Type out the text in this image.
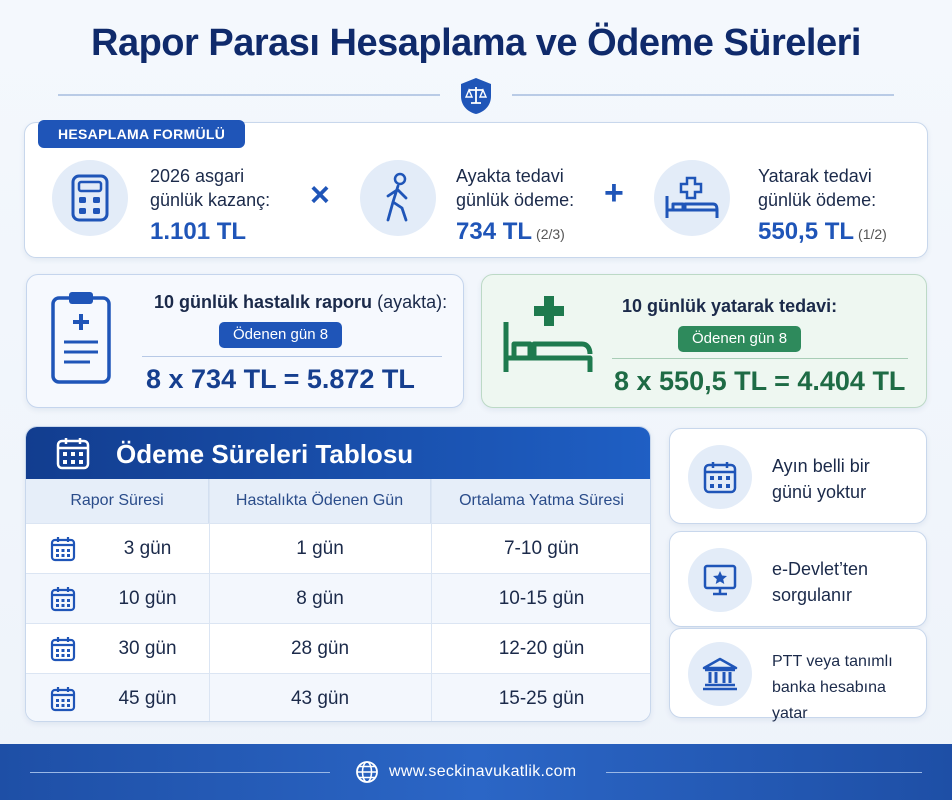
Rapor Parası Hesaplama ve Ödeme Süreleri
HESAPLAMA FORMÜLÜ
2026 asgari
günlük kazanç:
1.101 TL
×	Ayakta tedavi
günlük ödeme:
734 TL (2/3)
+	Yatarak tedavi
günlük ödeme:
550,5 TL (1/2)
10 günlük hastalık raporu (ayakta):
Ödenen gün 8
8 x 734 TL = 5.872 TL
10 günlük yatarak tedavi:
Ödenen gün 8
8 x 550,5 TL = 4.404 TL
Ödeme Süreleri Tablosu
Rapor Süresi	Hastalıkta Ödenen Gün	Ortalama Yatma Süresi
3 gün	1 gün	7-10 gün
10 gün	8 gün	10-15 gün
30 gün	28 gün	12-20 gün
45 gün	43 gün	15-25 gün
Ayın belli bir
günü yoktur
e-Devlet’ten
sorgulanır
PTT veya tanımlı
banka hesabına yatar
www.seckinavukatlik.com
